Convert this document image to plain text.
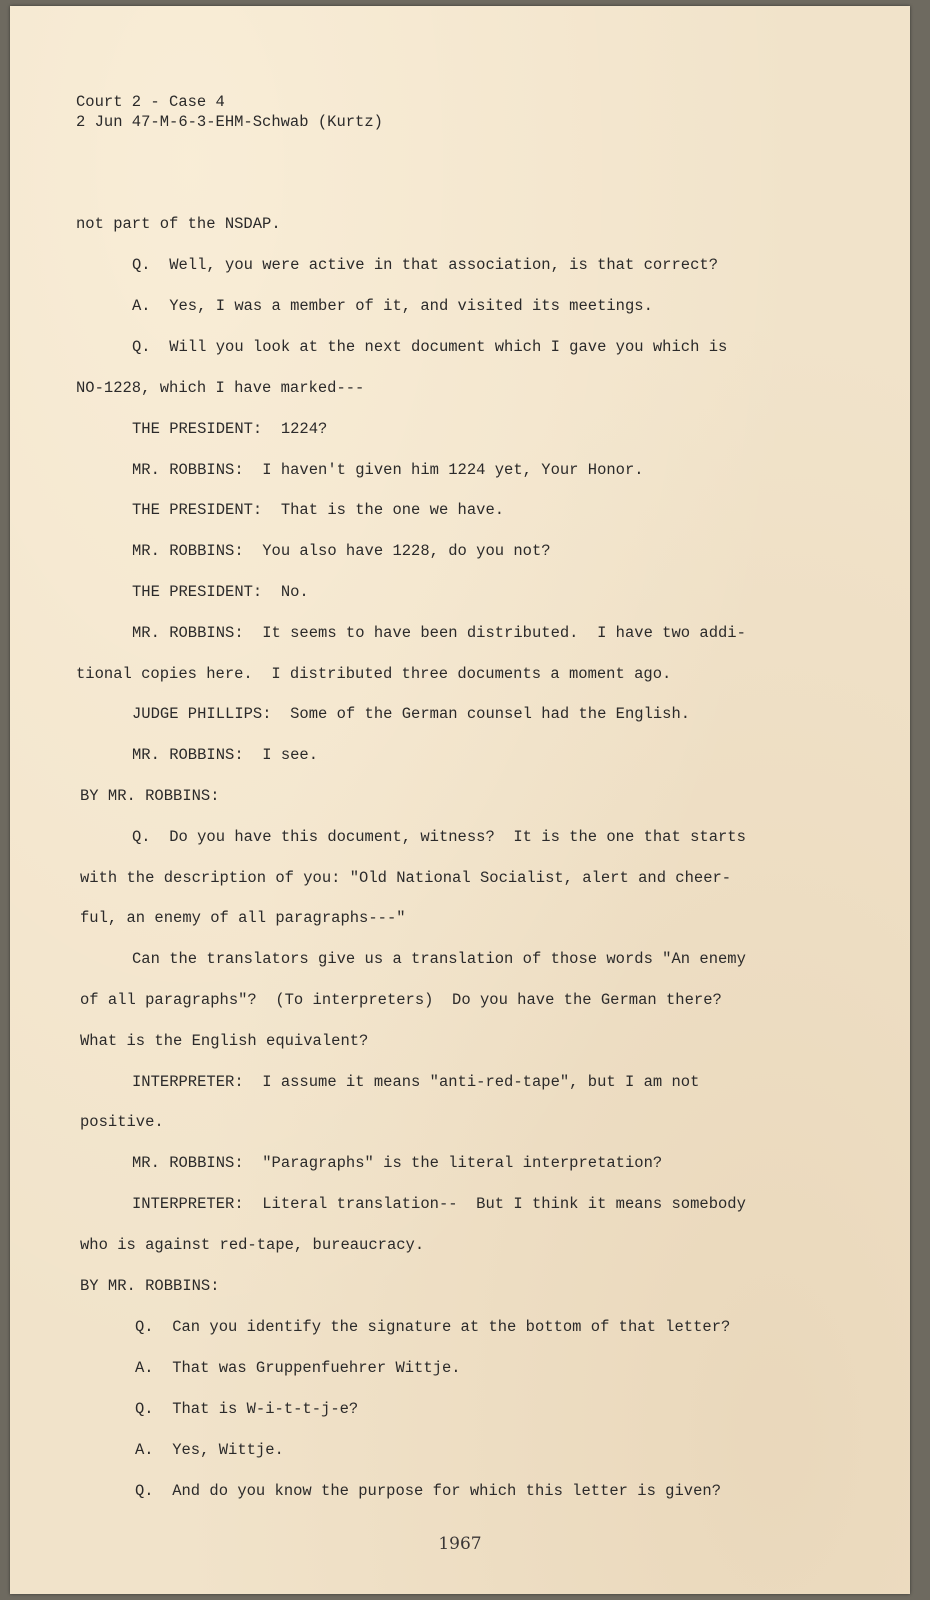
Court 2 - Case 4
2 Jun 47-M-6-3-EHM-Schwab (Kurtz)
not part of the NSDAP.
Q.  Well, you were active in that association, is that correct?
A.  Yes, I was a member of it, and visited its meetings.
Q.  Will you look at the next document which I gave you which is
NO-1228, which I have marked---
THE PRESIDENT:  1224?
MR. ROBBINS:  I haven't given him 1224 yet, Your Honor.
THE PRESIDENT:  That is the one we have.
MR. ROBBINS:  You also have 1228, do you not?
THE PRESIDENT:  No.
MR. ROBBINS:  It seems to have been distributed.  I have two addi-
tional copies here.  I distributed three documents a moment ago.
JUDGE PHILLIPS:  Some of the German counsel had the English.
MR. ROBBINS:  I see.
BY MR. ROBBINS:
Q.  Do you have this document, witness?  It is the one that starts
with the description of you: "Old National Socialist, alert and cheer-
ful, an enemy of all paragraphs---"
Can the translators give us a translation of those words "An enemy
of all paragraphs"?  (To interpreters)  Do you have the German there?
What is the English equivalent?
INTERPRETER:  I assume it means "anti-red-tape", but I am not
positive.
MR. ROBBINS:  "Paragraphs" is the literal interpretation?
INTERPRETER:  Literal translation--  But I think it means somebody
who is against red-tape, bureaucracy.
BY MR. ROBBINS:
Q.  Can you identify the signature at the bottom of that letter?
A.  That was Gruppenfuehrer Wittje.
Q.  That is W-i-t-t-j-e?
A.  Yes, Wittje.
Q.  And do you know the purpose for which this letter is given?
1967
